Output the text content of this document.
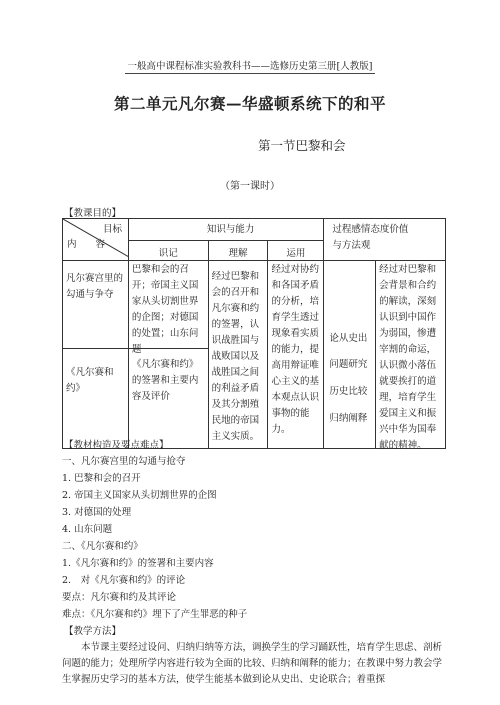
一般高中课程标准实验教科书——选修历史第三册[人教版]
第二单元凡尔赛—华盛顿系统下的和平
第一节巴黎和会
（第一课时）
【教课目的】
目标
内　　容	知识与能力			过程感情态度价值
与方法观	

	识记	理解	运用		

凡尔赛宫里的勾通与争夺	巴黎和会的召开；帝国主义国家从头切割世界的企图；对德国的处置；山东问题	经过巴黎和会的召开和凡尔赛和约的签署，认识战胜国与战败国以及战胜国之间的利益矛盾及其分割殖民地的帝国主义实质。	经过对协约和各国矛盾的分析，培育学生透过现象看实质的能力，提高用辩证唯心主义的基本观点认识事物的能力。	论从史出
问题研究
历史比较
归纳阐释	经过对巴黎和会背景和合约的解读，深刻认识到中国作为弱国，惨遭宰割的命运，认识微小落伍就要挨打的道理，培育学生爱国主义和振兴中华为国奉献的精神。

《凡尔赛和约》	《凡尔赛和约》的签署和主要内容及评价				
【教材构造及要点难点】
一、凡尔赛宫里的勾通与抢夺
1. 巴黎和会的召开
2. 帝国主义国家从头切割世界的企图
3. 对德国的处理
4. 山东问题
二、《凡尔赛和约》
1.《凡尔赛和约》的签署和主要内容
2.　对《凡尔赛和约》的评论
要点：凡尔赛和约及其评论
难点：《凡尔赛和约》埋下了产生罪恶的种子
【教学方法】
本节课主要经过设问、归纳归纳等方法，调换学生的学习踊跃性，培育学生思虑、剖析问题的能力；处理所学内容进行较为全面的比较、归纳和阐释的能力；在教课中努力教会学生掌握历史学习的基本方法，使学生能基本做到论从史出、史论联合；着重探
